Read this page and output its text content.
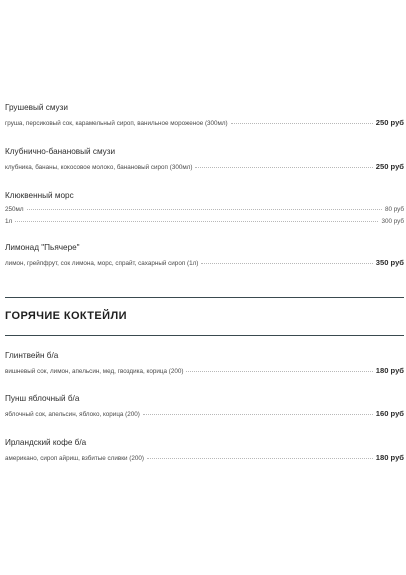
Грушевый смузи
груша, персиковый сок, карамельный сироп, ванильное мороженое (300мл)	250 руб
Клубнично-банановый смузи
клубника, бананы, кокосовое молоко, банановый сироп (300мл)	250 руб
Клюквенный морс
250мл	80 руб
1л	300 руб
Лимонад "Пьячере"
лимон, грейпфрут, сок лимона, морс, спрайт, сахарный сироп (1л)	350 руб
ГОРЯЧИЕ КОКТЕЙЛИ
Глинтвейн б/а
вишневый сок, лимон, апельсин, мед, гвоздика, корица (200)	180 руб
Пунш яблочный б/а
яблочный сок, апельсин, яблоко, корица (200)	160 руб
Ирландский кофе б/а
американо, сироп айриш, взбитые сливки (200)	180 руб
